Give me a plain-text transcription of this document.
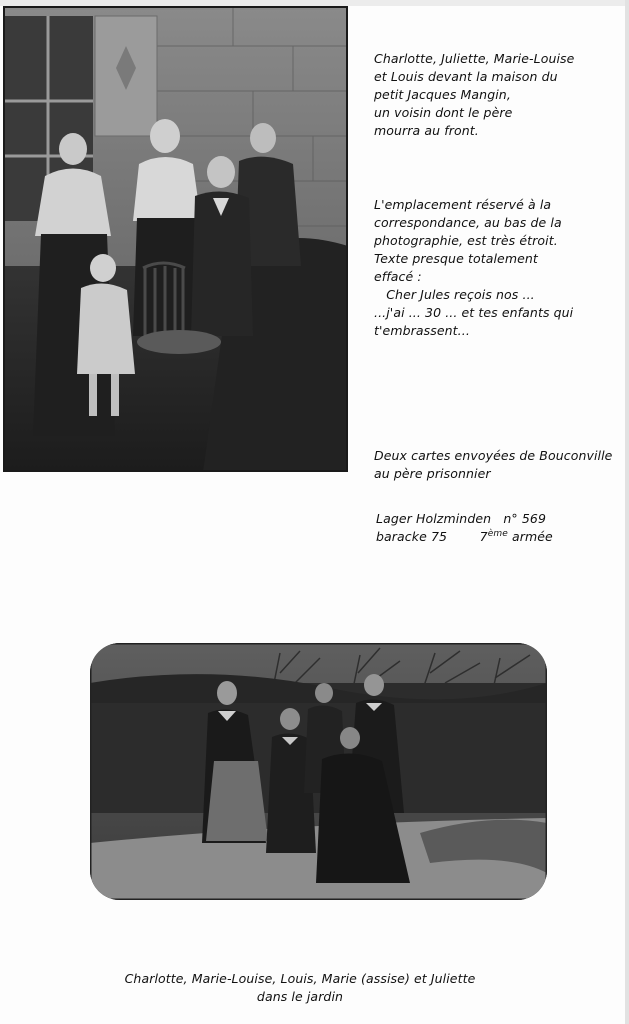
Charlotte, Juliette, Marie-Louise

et Louis devant la maison du

petit Jacques Mangin,

un voisin dont le père

mourra au front.

L'emplacement réservé à la

correspondance, au bas de la

photographie, est très étroit.

Texte presque totalement

effacé :

Cher Jules reçois nos ...

...j'ai ... 30 ... et tes enfants qui

t'embrassent...

Deux cartes envoyées de Bouconville

au père prisonnier

Lager Holzminden n° 569

baracke 75	7ème armée

Charlotte, Marie-Louise, Louis, Marie (assise) et Juliette

dans le jardin
